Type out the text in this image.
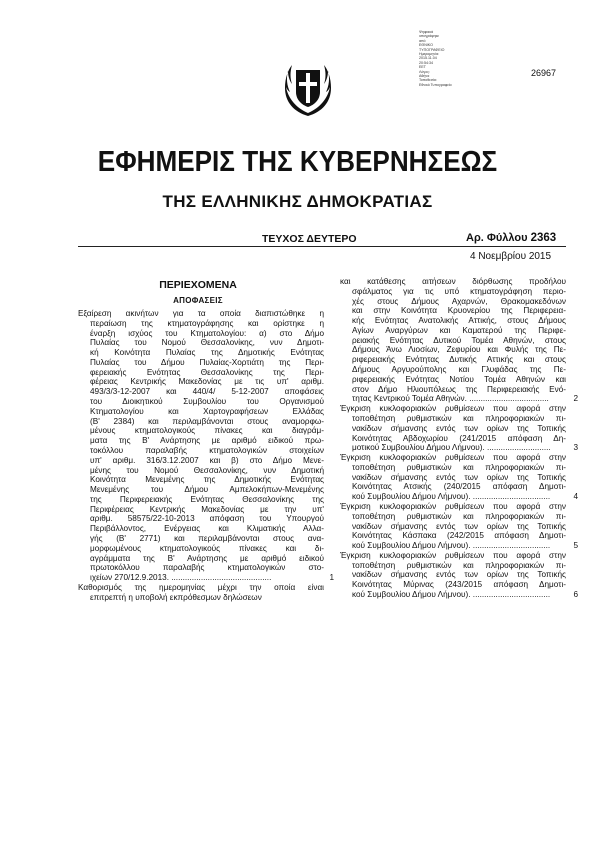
Ψηφιακά
υπογράφηκε
από
ΕΘΝΙΚΟ
ΤΥΠΟΓΡΑΦΕΙΟ
Ημερομηνία:
2015.11.04
20:54:34
EET
Λόγος:
Αθήνα
Τοποθεσία:
Εθνικό Τυπογραφείο
26967
ΕΦΗΜΕΡΙΣ ΤΗΣ ΚΥΒΕΡΝΗΣΕΩΣ
ΤΗΣ ΕΛΛΗΝΙΚΗΣ ΔΗΜΟΚΡΑΤΙΑΣ
ΤΕΥΧΟΣ ΔΕΥΤΕΡΟ	Αρ. Φύλλου 2363
4 Νοεμβρίου 2015
ΠΕΡΙΕΧΟΜΕΝΑ
ΑΠΟΦΑΣΕΙΣ
Εξαίρεση ακινήτων για τα οποία διαπιστώθηκε η
περαίωση της κτηματογράφησης και ορίστηκε η
έναρξη ισχύος του Κτηματολογίου: α) στο Δήμο
Πυλαίας του Νομού Θεσσαλονίκης, νυν Δημοτι-
κή Κοινότητα Πυλαίας της Δημοτικής Ενότητας
Πυλαίας του Δήμου Πυλαίας-Χορτιάτη της Περι-
φερειακής Ενότητας Θεσσαλονίκης της Περι-
φέρειας Κεντρικής Μακεδονίας με τις υπ' αριθμ.
493/3/3-12-2007 και 440/4/ 5-12-2007 αποφάσεις
του Διοικητικού Συμβουλίου του Οργανισμού
Κτηματολογίου και Χαρτογραφήσεων Ελλάδας
(Β' 2384) και περιλαμβάνονται στους αναμορφω-
μένους κτηματολογικούς πίνακες και διαγράμ-
ματα της Β' Ανάρτησης με αριθμό ειδικού πρω-
τοκόλλου παραλαβής κτηματολογικών στοιχείων
υπ' αριθμ. 316/3.12.2007 και β) στο Δήμο Μενε-
μένης του Νομού Θεσσαλονίκης, νυν Δημοτική
Κοινότητα Μενεμένης της Δημοτικής Ενότητας
Μενεμένης του Δήμου Αμπελοκήπων-Μενεμένης
της Περιφερειακής Ενότητας Θεσσαλονίκης της
Περιφέρειας Κεντρικής Μακεδονίας με την υπ'
αριθμ. 58575/22-10-2013 απόφαση του Υπουργού
Περιβάλλοντος, Ενέργειας και Κλιματικής Αλλα-
γής (Β' 2771) και περιλαμβάνονται στους ανα-
μορφωμένους κτηματολογικούς πίνακες και δι-
αγράμματα της Β' Ανάρτησης με αριθμό ειδικού
πρωτοκόλλου παραλαβής κτηματολογικών στο-
ιχείων 270/12.9.2013. ............................................	1
Καθορισμός της ημερομηνίας μέχρι την οποία είναι
επιτρεπτή η υποβολή εκπρόθεσμων δηλώσεων
και κατάθεσης αιτήσεων διόρθωσης προδήλου
σφάλματος για τις υπό κτηματογράφηση περιο-
χές στους Δήμους Αχαρνών, Θρακομακεδόνων
και στην Κοινότητα Κρυονερίου της Περιφερεια-
κής Ενότητας Ανατολικής Αττικής, στους Δήμους
Αγίων Αναργύρων και Καματερού της Περιφε-
ρειακής Ενότητας Δυτικού Τομέα Αθηνών, στους
Δήμους Άνω Λιοσίων, Ζεφυρίου και Φυλής της Πε-
ριφερειακής Ενότητας Δυτικής Αττικής και στους
Δήμους Αργυρούπολης και Γλυφάδας της Πε-
ριφερειακής Ενότητας Νοτίου Τομέα Αθηνών και
στον Δήμο Ηλιουπόλεως της Περιφερειακής Ενό-
τητας Κεντρικού Τομέα Αθηνών. ...................................	2
Έγκριση κυκλοφοριακών ρυθμίσεων που αφορά στην
τοποθέτηση ρυθμιστικών και πληροφοριακών πι-
νακίδων σήμανσης εντός των ορίων της Τοπικής
Κοινότητας Αβδοχωρίου (241/2015 απόφαση Δη-
μοτικού Συμβουλίου Δήμου Λήμνου). ............................	3
Έγκριση κυκλοφοριακών ρυθμίσεων που αφορά στην
τοποθέτηση ρυθμιστικών και πληροφοριακών πι-
νακίδων σήμανσης εντός των ορίων της Τοπικής
Κοινότητας Ατσικής (240/2015 απόφαση Δημοτι-
κού Συμβουλίου Δήμου Λήμνου). ..................................	4
Έγκριση κυκλοφοριακών ρυθμίσεων που αφορά στην
τοποθέτηση ρυθμιστικών και πληροφοριακών πι-
νακίδων σήμανσης εντός των ορίων της Τοπικής
Κοινότητας Κάσπακα (242/2015 απόφαση Δημοτι-
κού Συμβουλίου Δήμου Λήμνου). ..................................	5
Έγκριση κυκλοφοριακών ρυθμίσεων που αφορά στην
τοποθέτηση ρυθμιστικών και πληροφοριακών πι-
νακίδων σήμανσης εντός των ορίων της Τοπικής
Κοινότητας Μύρινας (243/2015 απόφαση Δημοτι-
κού Συμβουλίου Δήμου Λήμνου). ..................................	6
